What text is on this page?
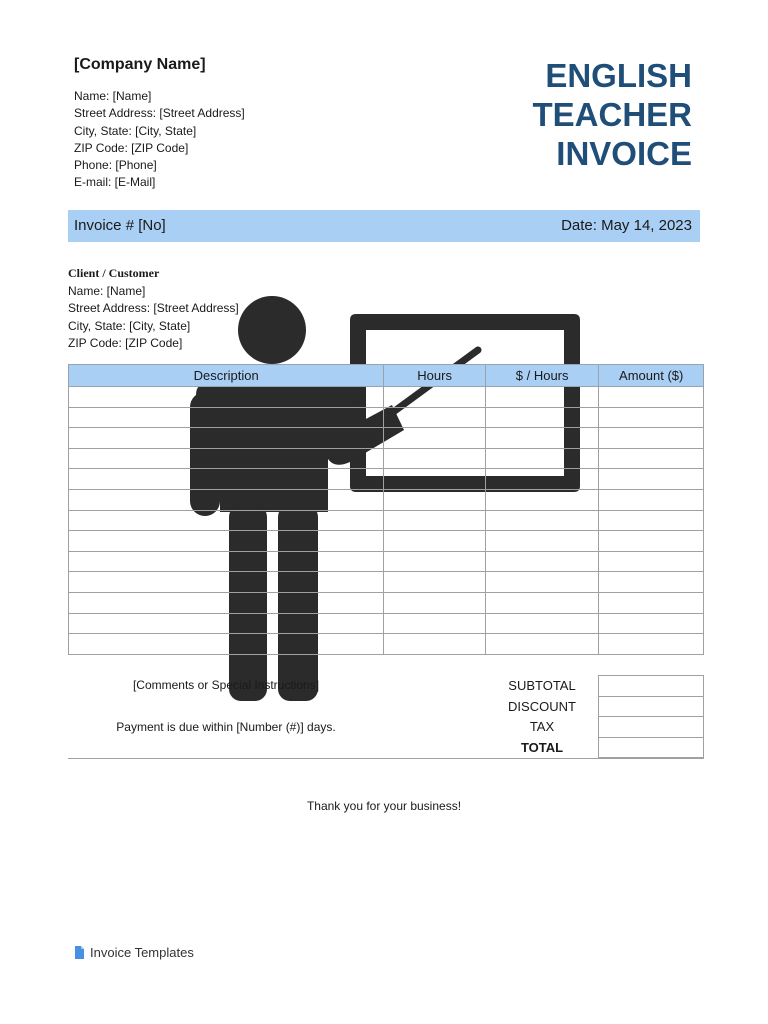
[Company Name]
Name: [Name]
Street Address: [Street Address]
City, State: [City, State]
ZIP Code: [ZIP Code]
Phone: [Phone]
E-mail: [E-Mail]
ENGLISH
TEACHER
INVOICE
Invoice # [No]	Date: May 14, 2023
Client / Customer
Name: [Name]
Street Address: [Street Address]
City, State: [City, State]
ZIP Code: [ZIP Code]
Description	Hours	$ / Hours	Amount ($)

[Comments or Special Instructions]
Payment is due within [Number (#)] days.
SUBTOTAL	
DISCOUNT	
TAX	
TOTAL	
Thank you for your business!
Invoice Templates
